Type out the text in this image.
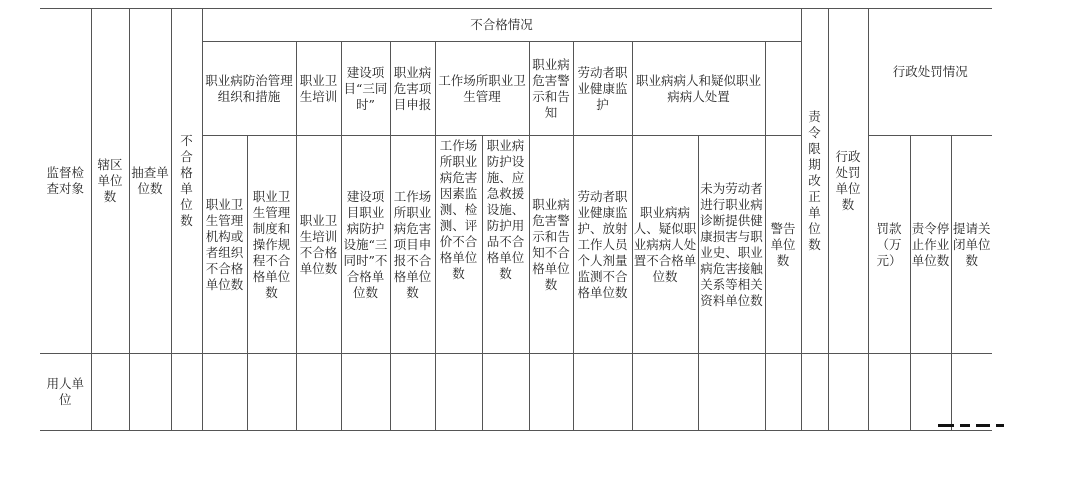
监督检查对象	辖区单位数	抽查单位数	不合格单位数	不合格情况												责令限期改正单位数	行政处罚单位数	行政处罚情况		
				职业病防治管理组织和措施		职业卫生培训	建设项目“三同时”	职业病危害项目申报	工作场所职业卫生管理		职业病危害警示和告知	劳动者职业健康监护	职业病病人和疑似职业病病人处置							
				职业卫生管理机构或者组织不合格单位数	职业卫生管理制度和操作规程不合格单位数	职业卫生培训不合格单位数	建设项目职业病防护设施“三同时”不合格单位数	工作场所职业病危害项目申报不合格单位数	工作场所职业病危害因素监测、检测、评价不合格单位数	职业病防护设施、应急救援设施、防护用品不合格单位数	职业病危害警示和告知不合格单位数	劳动者职业健康监护、放射工作人员个人剂量监测不合格单位数	职业病病人、疑似职业病病人处置不合格单位数	未为劳动者进行职业病诊断提供健康损害与职业史、职业病危害接触关系等相关资料单位数	警告单位数			罚款（万元）	责令停止作业单位数	提请关闭单位数
用人单位																				
